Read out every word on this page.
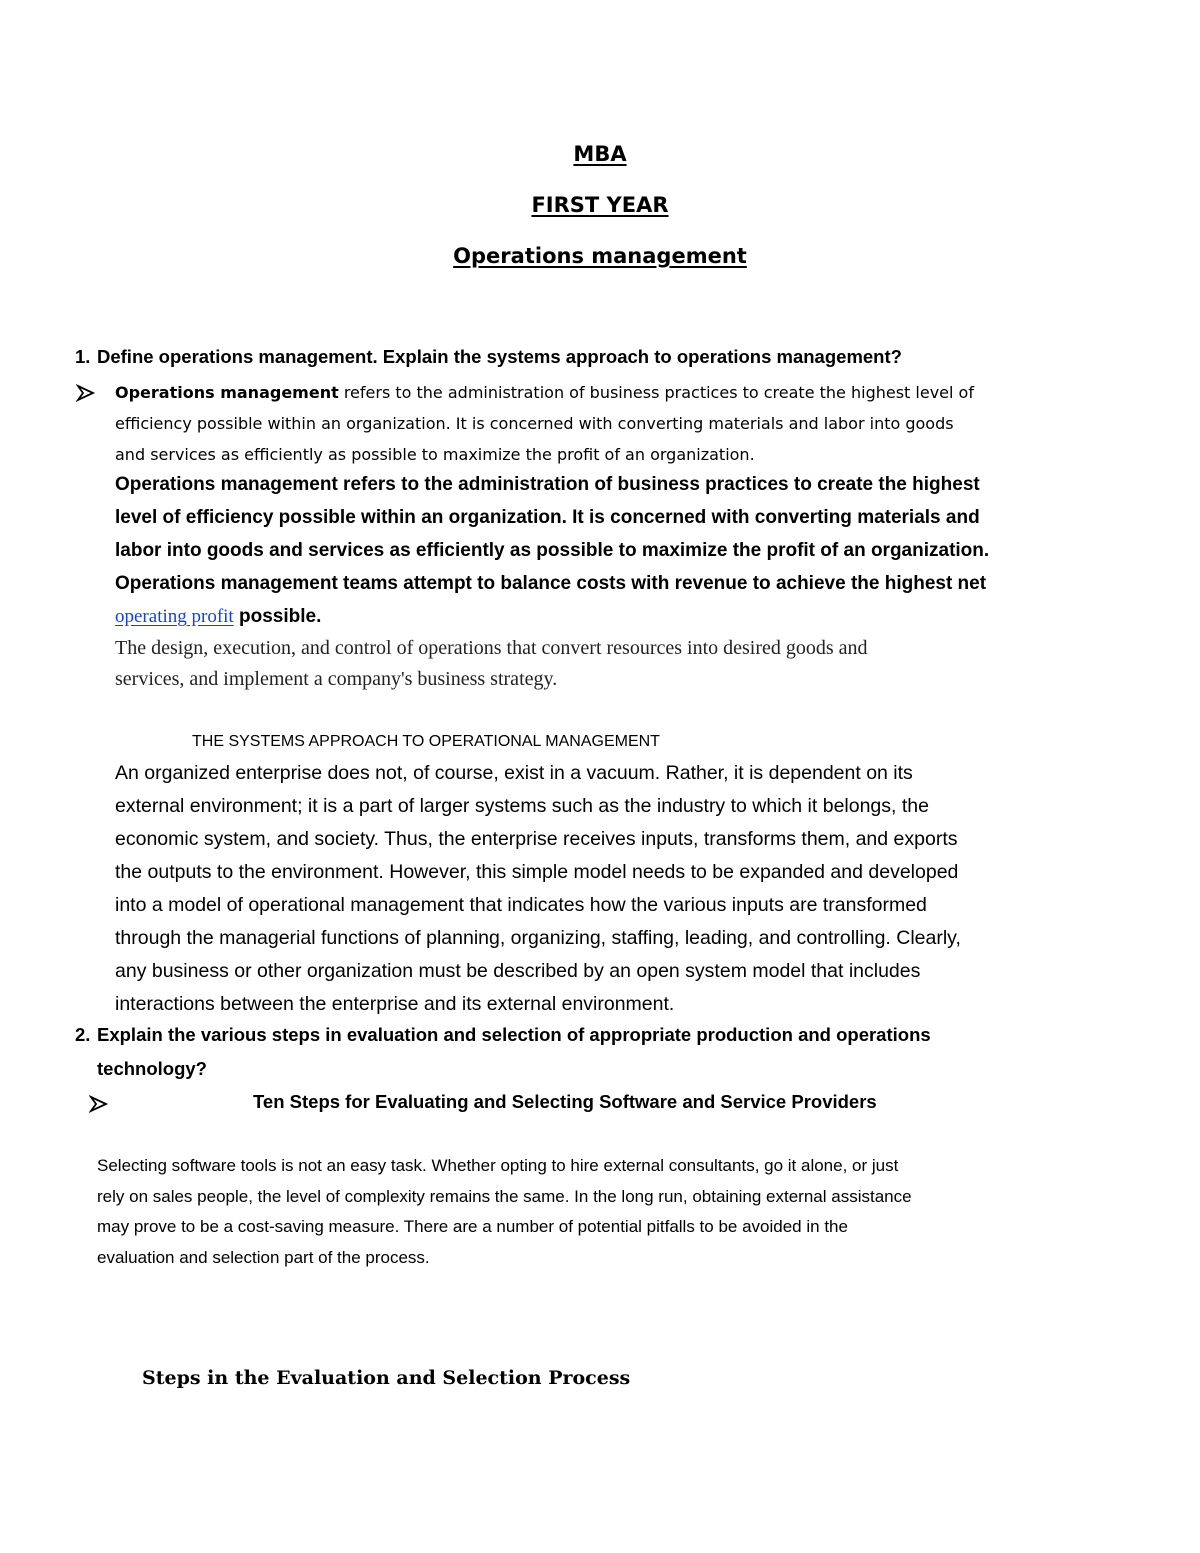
MBA
FIRST YEAR
Operations management
1. Define operations management. Explain the systems approach to operations management?
Operations management refers to the administration of business practices to create the highest level of
efficiency possible within an organization. It is concerned with converting materials and labor into goods
and services as efficiently as possible to maximize the profit of an organization.
Operations management refers to the administration of business practices to create the highest
level of efficiency possible within an organization. It is concerned with converting materials and
labor into goods and services as efficiently as possible to maximize the profit of an organization.
Operations management teams attempt to balance costs with revenue to achieve the highest net
operating profit possible.
The design, execution, and control of operations that convert resources into desired goods and
services, and implement a company's business strategy.
THE SYSTEMS APPROACH TO OPERATIONAL MANAGEMENT
An organized enterprise does not, of course, exist in a vacuum. Rather, it is dependent on its
external environment; it is a part of larger systems such as the industry to which it belongs, the
economic system, and society. Thus, the enterprise receives inputs, transforms them, and exports
the outputs to the environment. However, this simple model needs to be expanded and developed
into a model of operational management that indicates how the various inputs are transformed
through the managerial functions of planning, organizing, staffing, leading, and controlling. Clearly,
any business or other organization must be described by an open system model that includes
interactions between the enterprise and its external environment.
2. Explain the various steps in evaluation and selection of appropriate production and operations
technology?
Ten Steps for Evaluating and Selecting Software and Service Providers
Selecting software tools is not an easy task. Whether opting to hire external consultants, go it alone, or just
rely on sales people, the level of complexity remains the same. In the long run, obtaining external assistance
may prove to be a cost-saving measure. There are a number of potential pitfalls to be avoided in the
evaluation and selection part of the process.
Steps in the Evaluation and Selection Process
